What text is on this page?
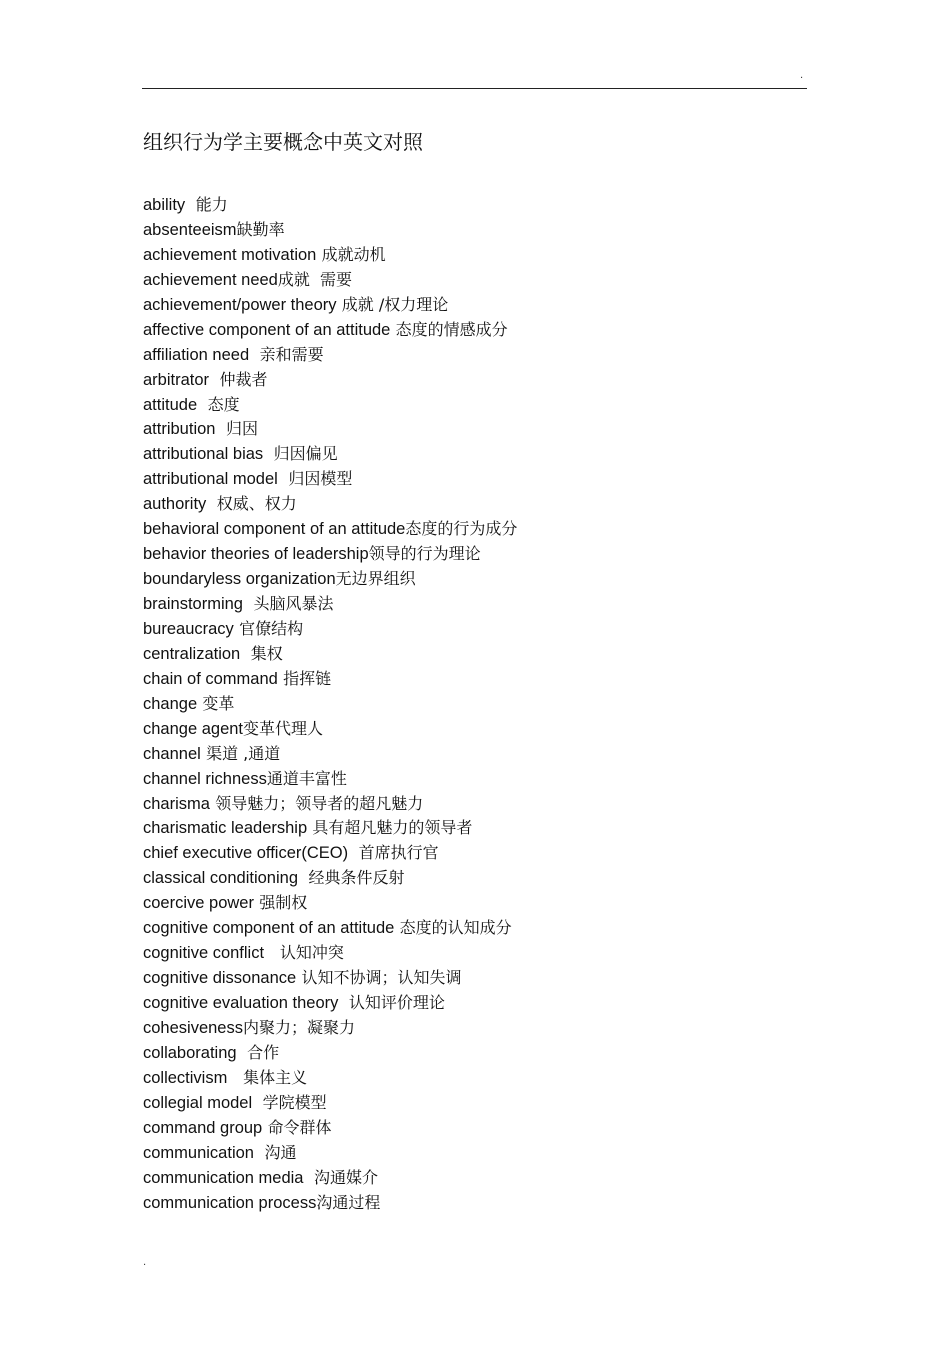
.
组织行为学主要概念中英文对照
ability 能力
absenteeism缺勤率
achievement motivation 成就动机
achievement need成就  需要
achievement/power theory 成就 /权力理论
affective component of an attitude 态度的情感成分
affiliation need 亲和需要
arbitrator 仲裁者
attitude 态度
attribution 归因
attributional bias 归因偏见
attributional model 归因模型
authority 权威、权力
behavioral component of an attitude态度的行为成分
behavior theories of leadership领导的行为理论
boundaryless organization无边界组织
brainstorming 头脑风暴法
bureaucracy 官僚结构
centralization 集权
chain of command 指挥链
change 变革
change agent变革代理人
channel 渠道 ,通道
channel richness通道丰富性
charisma 领导魅力；领导者的超凡魅力
charismatic leadership 具有超凡魅力的领导者
chief executive officer(CEO) 首席执行官
classical conditioning 经典条件反射
coercive power 强制权
cognitive component of an attitude 态度的认知成分
cognitive conflict 认知冲突
cognitive dissonance 认知不协调；认知失调
cognitive evaluation theory 认知评价理论
cohesiveness内聚力；凝聚力
collaborating 合作
collectivism 集体主义
collegial model 学院模型
command group 命令群体
communication 沟通
communication media 沟通媒介
communication process沟通过程
.
